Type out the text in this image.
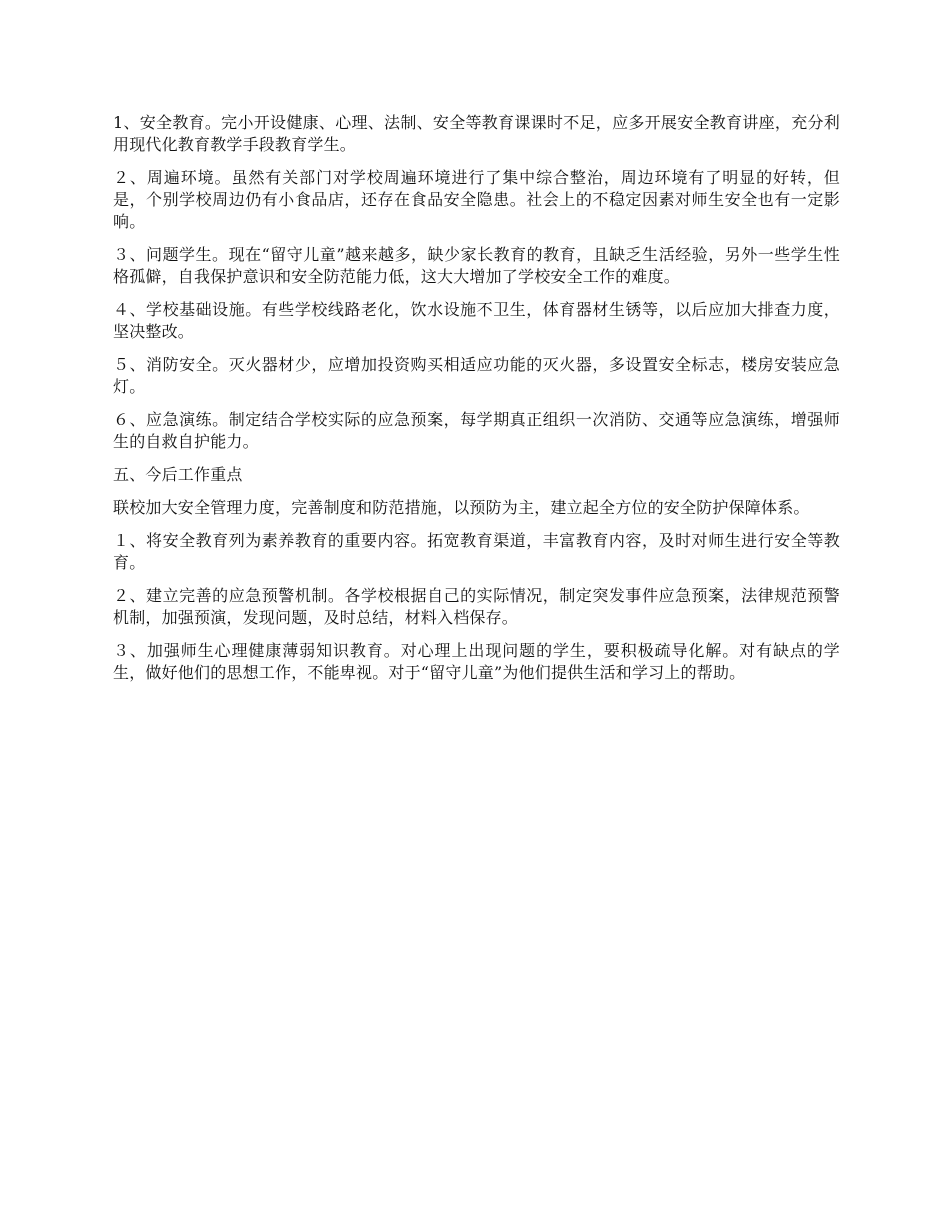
1、安全教育。完小开设健康、心理、法制、安全等教育课课时不足，应多开展安全教育讲座，充分利用现代化教育教学手段教育学生。

２、周遍环境。虽然有关部门对学校周遍环境进行了集中综合整治，周边环境有了明显的好转，但是，个别学校周边仍有小食品店，还存在食品安全隐患。社会上的不稳定因素对师生安全也有一定影响。

３、问题学生。现在“留守儿童”越来越多，缺少家长教育的教育，且缺乏生活经验，另外一些学生性格孤僻，自我保护意识和安全防范能力低，这大大增加了学校安全工作的难度。

４、学校基础设施。有些学校线路老化，饮水设施不卫生，体育器材生锈等，以后应加大排查力度，坚决整改。

５、消防安全。灭火器材少，应增加投资购买相适应功能的灭火器，多设置安全标志，楼房安装应急灯。

６、应急演练。制定结合学校实际的应急预案，每学期真正组织一次消防、交通等应急演练，增强师生的自救自护能力。

五、今后工作重点

联校加大安全管理力度，完善制度和防范措施，以预防为主，建立起全方位的安全防护保障体系。

１、将安全教育列为素养教育的重要内容。拓宽教育渠道，丰富教育内容，及时对师生进行安全等教育。

２、建立完善的应急预警机制。各学校根据自己的实际情况，制定突发事件应急预案，法律规范预警机制，加强预演，发现问题，及时总结，材料入档保存。

３、加强师生心理健康薄弱知识教育。对心理上出现问题的学生，要积极疏导化解。对有缺点的学生，做好他们的思想工作，不能卑视。对于“留守儿童”为他们提供生活和学习上的帮助。
